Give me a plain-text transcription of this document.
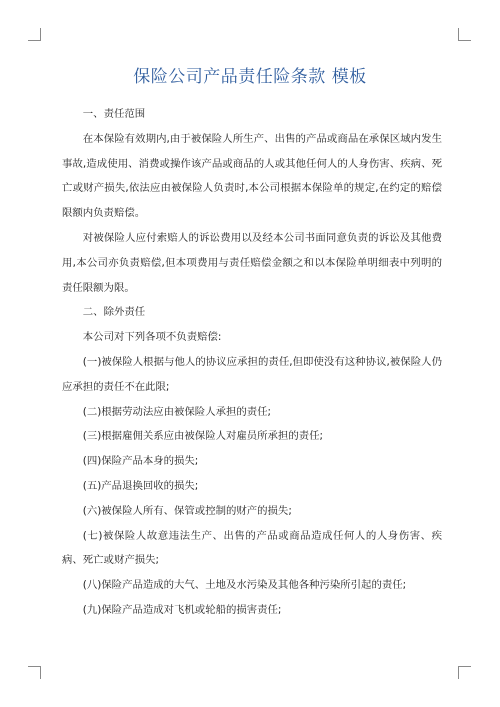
保险公司产品责任险条款 模板

一、责任范围

在本保险有效期内,由于被保险人所生产、出售的产品或商品在承保区域内发生事故,造成使用、消费或操作该产品或商品的人或其他任何人的人身伤害、疾病、死亡或财产损失,依法应由被保险人负责时,本公司根据本保险单的规定,在约定的赔偿限额内负责赔偿。

对被保险人应付索赔人的诉讼费用以及经本公司书面同意负责的诉讼及其他费用,本公司亦负责赔偿,但本项费用与责任赔偿金额之和以本保险单明细表中列明的责任限额为限。

二、除外责任

本公司对下列各项不负责赔偿:

(一)被保险人根据与他人的协议应承担的责任,但即使没有这种协议,被保险人仍应承担的责任不在此限;

(二)根据劳动法应由被保险人承担的责任;

(三)根据雇佣关系应由被保险人对雇员所承担的责任;

(四)保险产品本身的损失;

(五)产品退换回收的损失;

(六)被保险人所有、保管或控制的财产的损失;

(七)被保险人故意违法生产、出售的产品或商品造成任何人的人身伤害、疾病、死亡或财产损失;

(八)保险产品造成的大气、土地及水污染及其他各种污染所引起的责任;

(九)保险产品造成对飞机或轮船的损害责任;
